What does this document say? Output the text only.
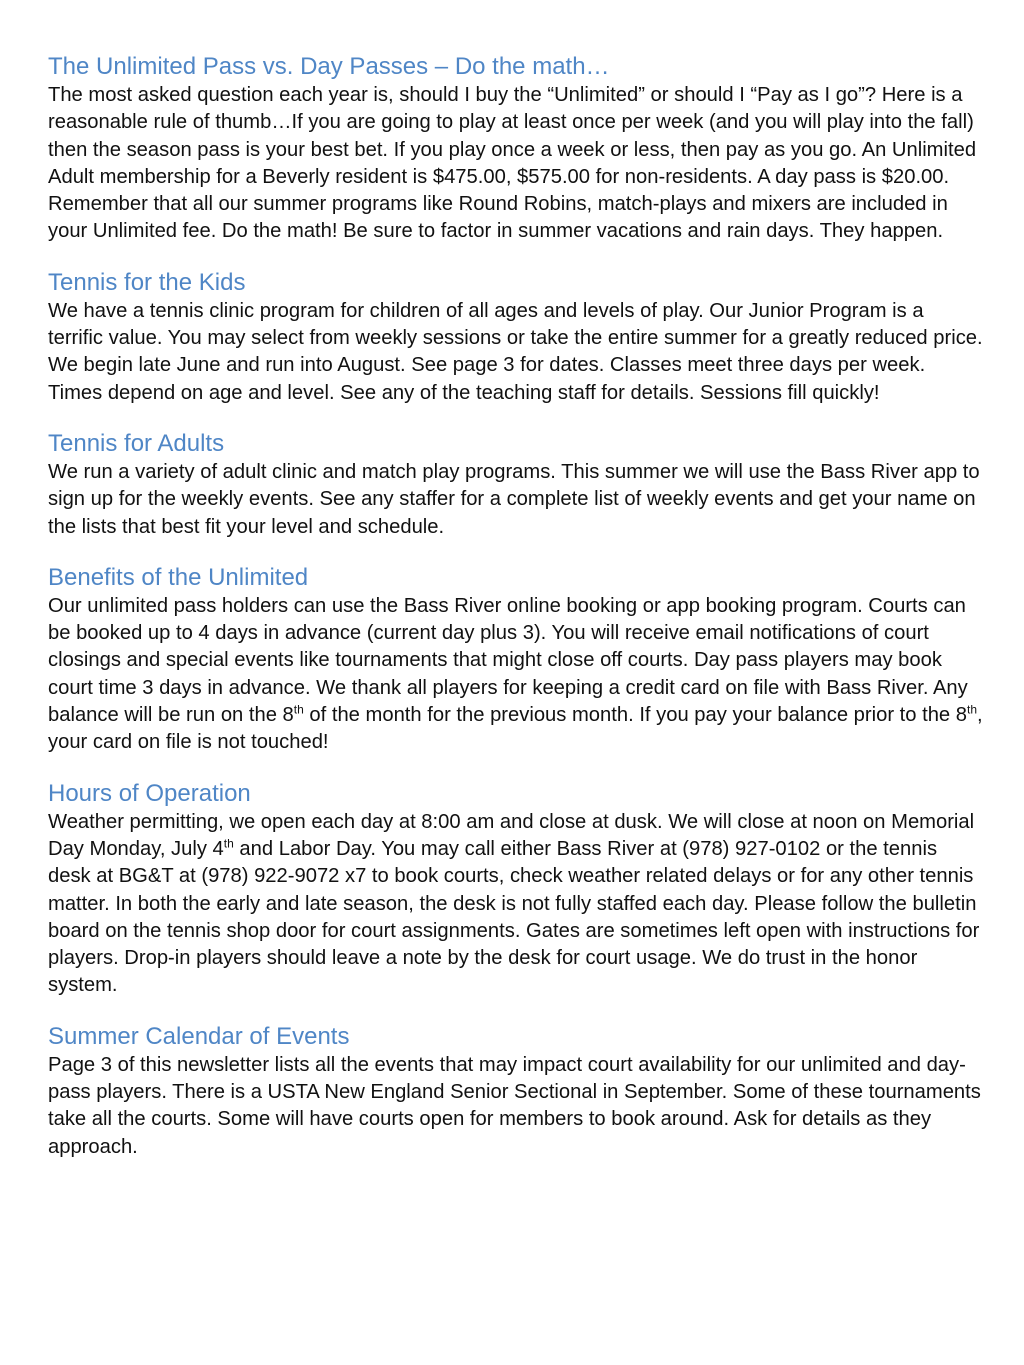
The Unlimited Pass vs. Day Passes – Do the math…

The most asked question each year is, should I buy the “Unlimited” or should I “Pay as I go”? Here is a reasonable rule of thumb…If you are going to play at least once per week (and you will play into the fall) then the season pass is your best bet. If you play once a week or less, then pay as you go. An Unlimited Adult membership for a Beverly resident is $475.00, $575.00 for non-residents. A day pass is $20.00. Remember that all our summer programs like Round Robins, match-plays and mixers are included in your Unlimited fee. Do the math! Be sure to factor in summer vacations and rain days. They happen.

Tennis for the Kids

We have a tennis clinic program for children of all ages and levels of play. Our Junior Program is a terrific value. You may select from weekly sessions or take the entire summer for a greatly reduced price. We begin late June and run into August. See page 3 for dates. Classes meet three days per week. Times depend on age and level. See any of the teaching staff for details. Sessions fill quickly!

Tennis for Adults

We run a variety of adult clinic and match play programs. This summer we will use the Bass River app to sign up for the weekly events. See any staffer for a complete list of weekly events and get your name on the lists that best fit your level and schedule.

Benefits of the Unlimited

Our unlimited pass holders can use the Bass River online booking or app booking program. Courts can be booked up to 4 days in advance (current day plus 3). You will receive email notifications of court closings and special events like tournaments that might close off courts. Day pass players may book court time 3 days in advance. We thank all players for keeping a credit card on file with Bass River. Any balance will be run on the 8th of the month for the previous month. If you pay your balance prior to the 8th, your card on file is not touched!

Hours of Operation

Weather permitting, we open each day at 8:00 am and close at dusk. We will close at noon on Memorial Day Monday, July 4th and Labor Day. You may call either Bass River at (978) 927-0102 or the tennis desk at BG&T at (978) 922-9072 x7 to book courts, check weather related delays or for any other tennis matter. In both the early and late season, the desk is not fully staffed each day. Please follow the bulletin board on the tennis shop door for court assignments. Gates are sometimes left open with instructions for players. Drop-in players should leave a note by the desk for court usage. We do trust in the honor system.

Summer Calendar of Events

Page 3 of this newsletter lists all the events that may impact court availability for our unlimited and day-pass players. There is a USTA New England Senior Sectional in September. Some of these tournaments take all the courts. Some will have courts open for members to book around. Ask for details as they approach.
